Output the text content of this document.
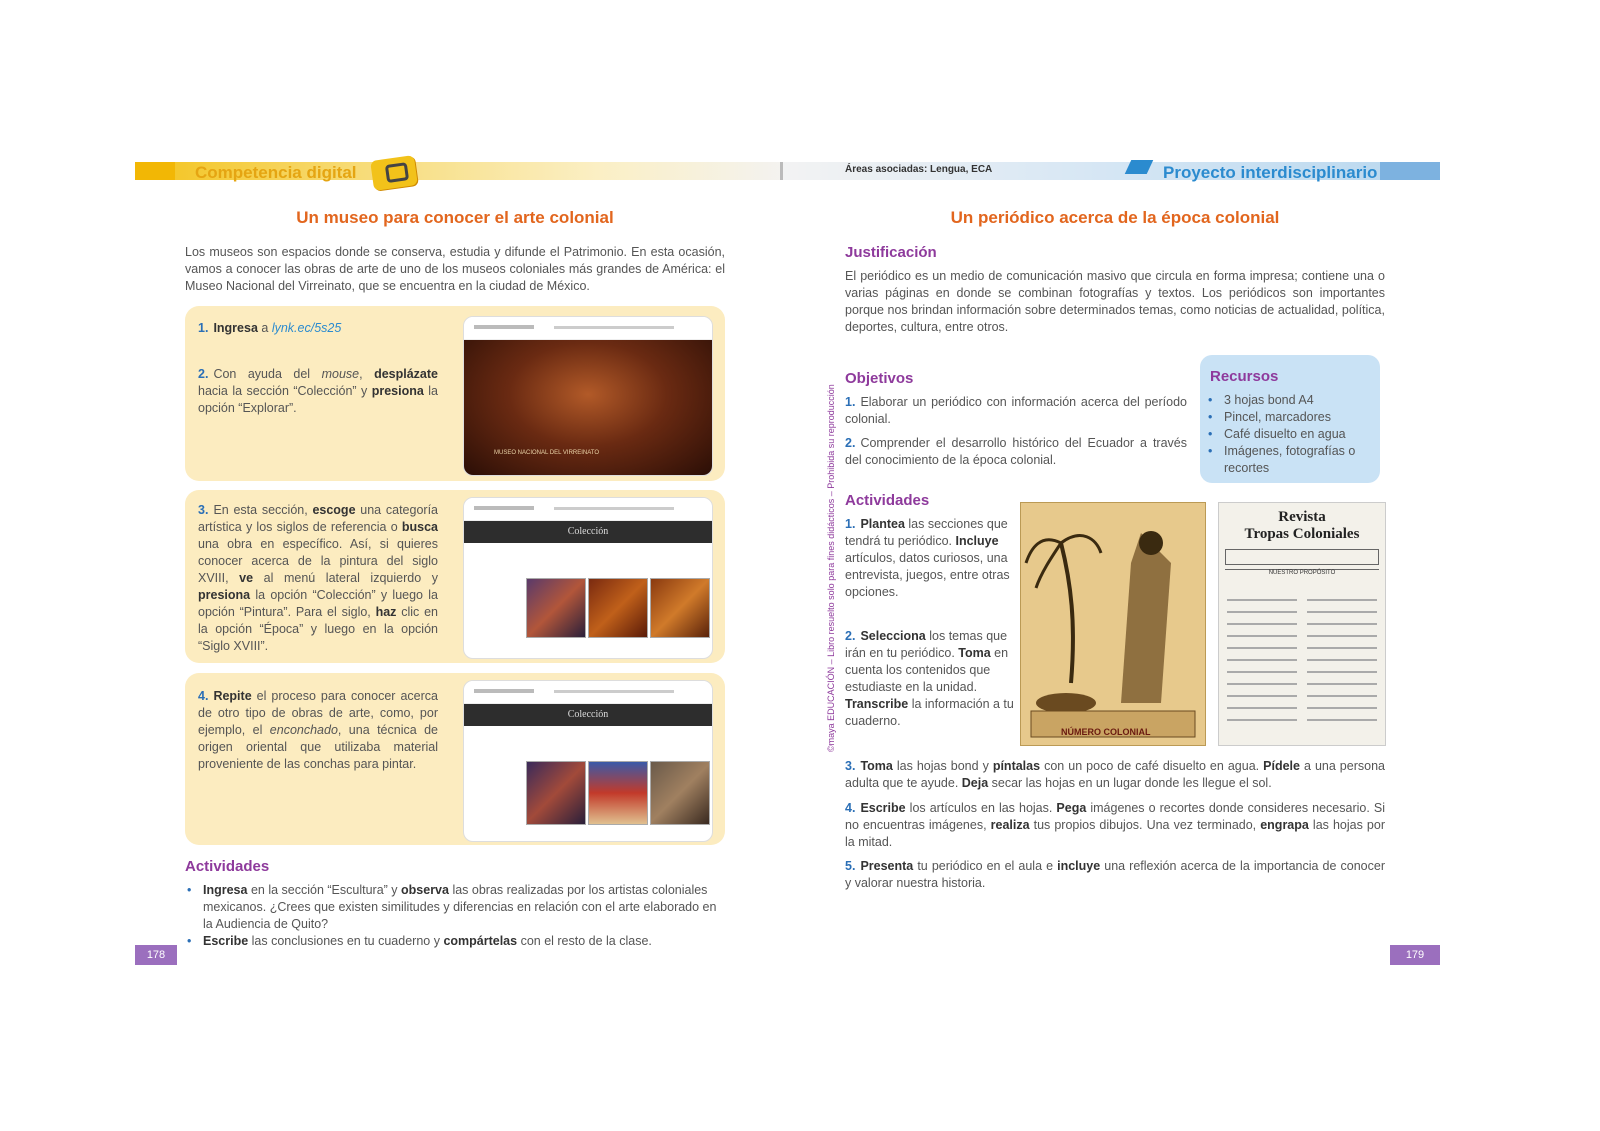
Competencia digital	Áreas asociadas: Lengua, ECA	Proyecto interdisciplinario
Un museo para conocer el arte colonial
Los museos son espacios donde se conserva, estudia y difunde el Patrimonio. En esta ocasión, vamos a conocer las obras de arte de uno de los museos coloniales más grandes de América: el Museo Nacional del Virreinato, que se encuentra en la ciudad de México.
1. Ingresa a lynk.ec/5s25
2. Con ayuda del mouse, desplázate hacia la sección “Colección” y presiona la opción “Explorar”.
MUSEO NACIONAL DEL VIRREINATO
3. En esta sección, escoge una categoría artística y los siglos de referencia o busca una obra en específico. Así, si quieres conocer acerca de la pintura del siglo XVIII, ve al menú lateral izquierdo y presiona la opción “Colección” y luego la opción “Pintura”. Para el siglo, haz clic en la opción “Época” y luego en la opción “Siglo XVIII”.
Colección
4. Repite el proceso para conocer acerca de otro tipo de obras de arte, como, por ejemplo, el enconchado, una técnica de origen oriental que utilizaba material proveniente de las conchas para pintar.
Colección
Actividades
• Ingresa en la sección “Escultura” y observa las obras realizadas por los artistas coloniales mexicanos. ¿Crees que existen similitudes y diferencias en relación con el arte elaborado en la Audiencia de Quito?
• Escribe las conclusiones en tu cuaderno y compártelas con el resto de la clase.
178
©maya EDUCACIÓN – Libro resuelto solo para fines didácticos – Prohibida su reproducción
Un periódico acerca de la época colonial
Justificación
El periódico es un medio de comunicación masivo que circula en forma impresa; contiene una o varias páginas en donde se combinan fotografías y textos. Los periódicos son importantes porque nos brindan información sobre determinados temas, como noticias de actualidad, política, deportes, cultura, entre otros.
Objetivos
1. Elaborar un periódico con información acerca del período colonial.
2. Comprender el desarrollo histórico del Ecuador a través del conocimiento de la época colonial.
Recursos
• 3 hojas bond A4
• Pincel, marcadores
• Café disuelto en agua
• Imágenes, fotografías o recortes
Actividades
1. Plantea las secciones que tendrá tu periódico. Incluye artículos, datos curiosos, una entrevista, juegos, entre otras opciones.
2. Selecciona los temas que irán en tu periódico. Toma en cuenta los contenidos que estudiaste en la unidad. Transcribe la información a tu cuaderno.
NÚMERO COLONIAL
Revista
Tropas Coloniales
NUESTRO PROPÓSITO
3. Toma las hojas bond y píntalas con un poco de café disuelto en agua. Pídele a una persona adulta que te ayude. Deja secar las hojas en un lugar donde les llegue el sol.
4. Escribe los artículos en las hojas. Pega imágenes o recortes donde consideres necesario. Si no encuentras imágenes, realiza tus propios dibujos. Una vez terminado, engrapa las hojas por la mitad.
5. Presenta tu periódico en el aula e incluye una reflexión acerca de la importancia de conocer y valorar nuestra historia.
179
